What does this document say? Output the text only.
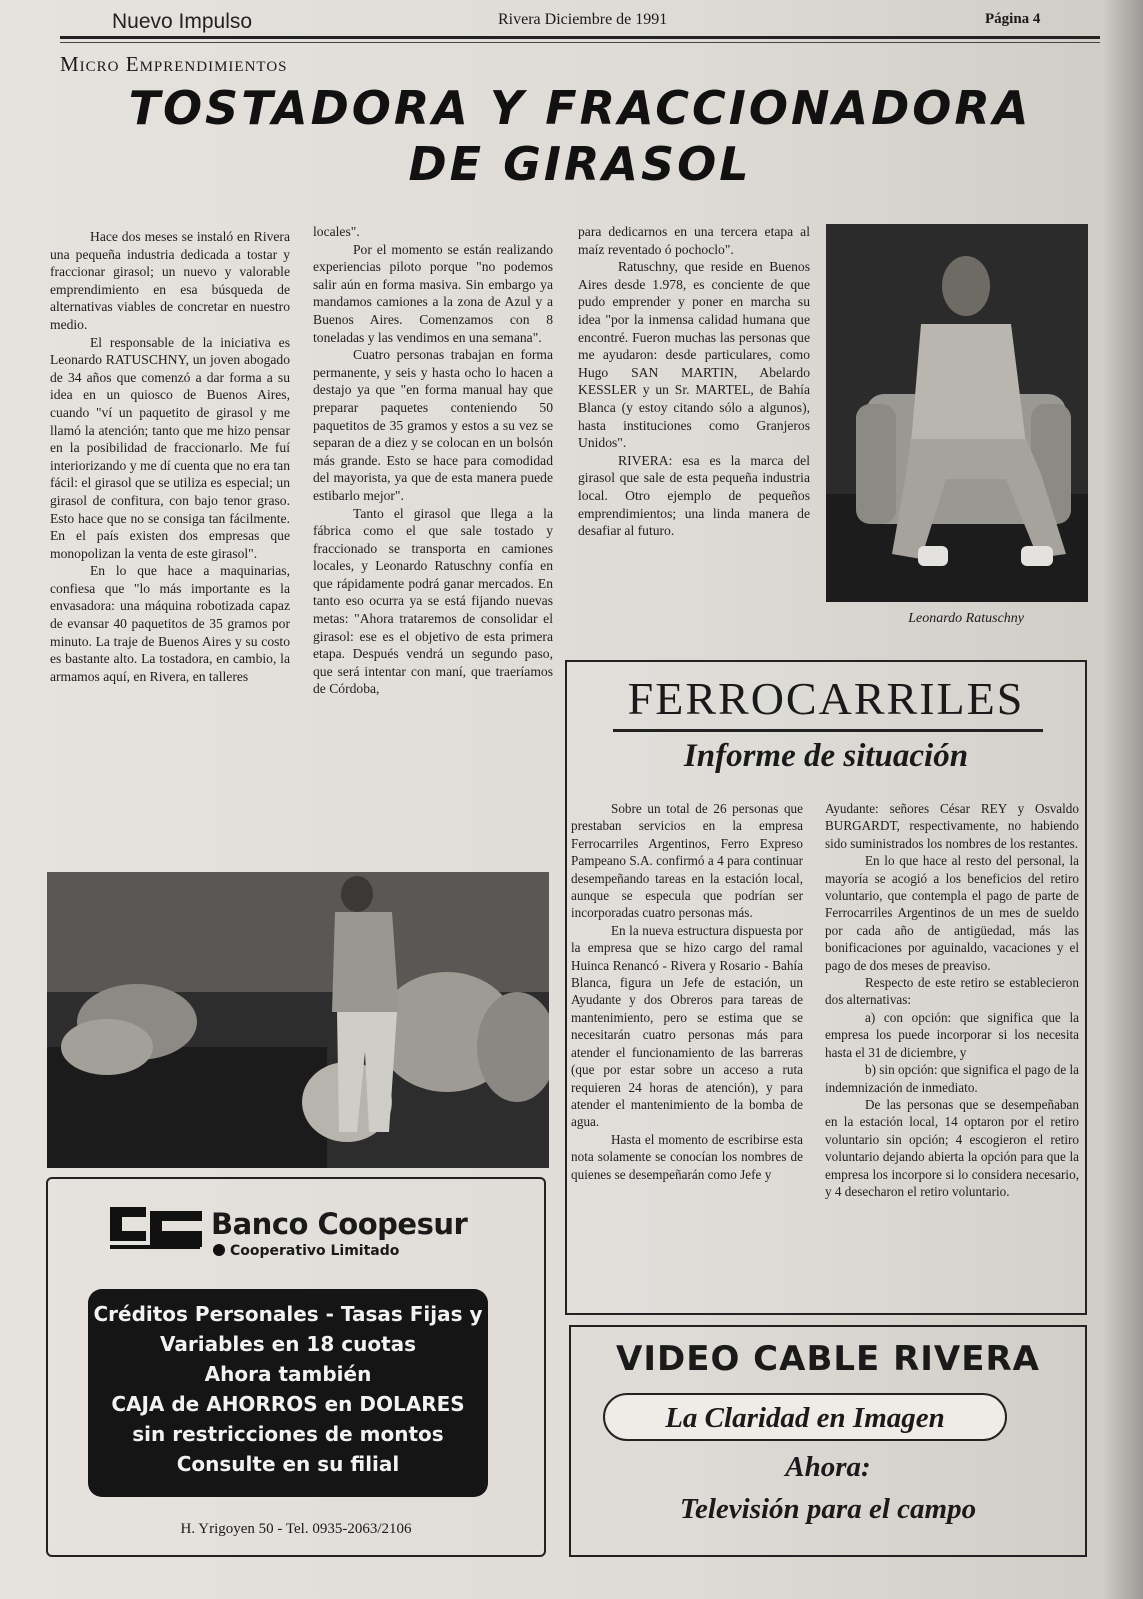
Nuevo Impulso	Rivera Diciembre de 1991	Página 4
Micro Emprendimientos
TOSTADORA Y FRACCIONADORA
DE GIRASOL

Hace dos meses se instaló en Rivera una pequeña industria dedicada a tostar y fraccionar girasol; un nuevo y valorable emprendimiento en esa búsqueda de alternativas viables de concretar en nuestro medio.

El responsable de la iniciativa es Leonardo RATUSCHNY, un joven abogado de 34 años que comenzó a dar forma a su idea en un quiosco de Buenos Aires, cuando "ví un paquetito de girasol y me llamó la atención; tanto que me hizo pensar en la posibilidad de fraccionarlo. Me fuí interiorizando y me dí cuenta que no era tan fácil: el girasol que se utiliza es especial; un girasol de confitura, con bajo tenor graso. Esto hace que no se consiga tan fácilmente. En el país existen dos empresas que monopolizan la venta de este girasol".

En lo que hace a maquinarias, confiesa que "lo más importante es la envasadora: una máquina robotizada capaz de evansar 40 paquetitos de 35 gramos por minuto. La traje de Buenos Aires y su costo es bastante alto. La tostadora, en cambio, la armamos aquí, en Rivera, en talleres

locales".

Por el momento se están realizando experiencias piloto porque "no podemos salir aún en forma masiva. Sin embargo ya mandamos camiones a la zona de Azul y a Buenos Aires. Comenzamos con 8 toneladas y las vendimos en una semana".

Cuatro personas trabajan en forma permanente, y seis y hasta ocho lo hacen a destajo ya que "en forma manual hay que preparar paquetes conteniendo 50 paquetitos de 35 gramos y estos a su vez se separan de a diez y se colocan en un bolsón más grande. Esto se hace para comodidad del mayorista, ya que de esta manera puede estibarlo mejor".

Tanto el girasol que llega a la fábrica como el que sale tostado y fraccionado se transporta en camiones locales, y Leonardo Ratuschny confía en que rápidamente podrá ganar mercados. En tanto eso ocurra ya se está fijando nuevas metas: "Ahora trataremos de consolidar el girasol: ese es el objetivo de esta primera etapa. Después vendrá un segundo paso, que será intentar con maní, que traeríamos de Córdoba,

para dedicarnos en una tercera etapa al maíz reventado ó pochoclo".

Ratuschny, que reside en Buenos Aires desde 1.978, es conciente de que pudo emprender y poner en marcha su idea "por la inmensa calidad humana que encontré. Fueron muchas las personas que me ayudaron: desde particulares, como Hugo SAN MARTIN, Abelardo KESSLER y un Sr. MARTEL, de Bahía Blanca (y estoy citando sólo a algunos), hasta instituciones como Granjeros Unidos".

RIVERA: esa es la marca del girasol que sale de esta pequeña industria local. Otro ejemplo de pequeños emprendimientos; una linda manera de desafiar al futuro.

Leonardo Ratuschny
FERROCARRILES
Informe de situación

Sobre un total de 26 personas que prestaban servicios en la empresa Ferrocarriles Argentinos, Ferro Expreso Pampeano S.A. confirmó a 4 para continuar desempeñando tareas en la estación local, aunque se especula que podrían ser incorporadas cuatro personas más.

En la nueva estructura dispuesta por la empresa que se hizo cargo del ramal Huinca Renancó - Rivera y Rosario - Bahía Blanca, figura un Jefe de estación, un Ayudante y dos Obreros para tareas de mantenimiento, pero se estima que se necesitarán cuatro personas más para atender el funcionamiento de las barreras (que por estar sobre un acceso a ruta requieren 24 horas de atención), y para atender el mantenimiento de la bomba de agua.

Hasta el momento de escribirse esta nota solamente se conocían los nombres de quienes se desempeñarán como Jefe y

Ayudante: señores César REY y Osvaldo BURGARDT, respectivamente, no habiendo sido suministrados los nombres de los restantes.

En lo que hace al resto del personal, la mayoría se acogió a los beneficios del retiro voluntario, que contempla el pago de parte de Ferrocarriles Argentinos de un mes de sueldo por cada año de antigüedad, más las bonificaciones por aguinaldo, vacaciones y el pago de dos meses de preaviso.

Respecto de este retiro se establecieron dos alternativas:

a) con opción: que significa que la empresa los puede incorporar si los necesita hasta el 31 de diciembre, y

b) sin opción: que significa el pago de la indemnización de inmediato.

De las personas que se desempeñaban en la estación local, 14 optaron por el retiro voluntario sin opción; 4 escogieron el retiro voluntario dejando abierta la opción para que la empresa los incorpore si lo considera necesario, y 4 desecharon el retiro voluntario.

Banco Coopesur
Cooperativo Limitado
Créditos Personales - Tasas Fijas y
Variables en 18 cuotas
Ahora también
CAJA de AHORROS en DOLARES
sin restricciones de montos
Consulte en su filial
H. Yrigoyen 50 - Tel. 0935-2063/2106
VIDEO CABLE RIVERA
La Claridad en Imagen
Ahora:
Televisión para el campo
